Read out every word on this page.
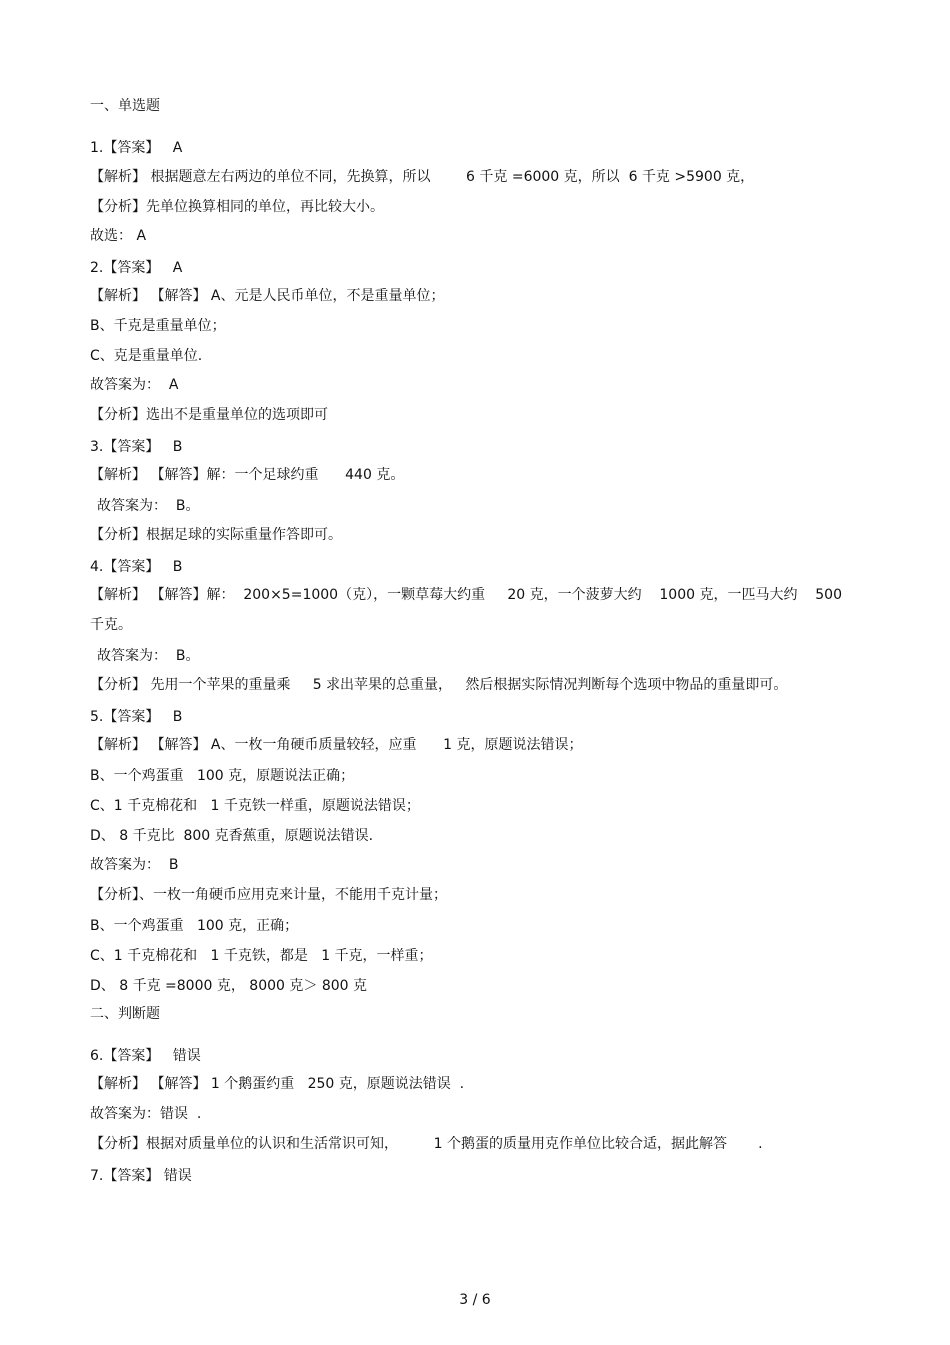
一、单选题
1.【答案】   A
【解析】 根据题意左右两边的单位不同，先换算，所以        6 千克 =6000 克，所以  6 千克 >5900 克，
【分析】先单位换算相同的单位，再比较大小。
故选： A
2.【答案】   A
【解析】 【解答】 A、元是人民币单位，不是重量单位；
B、千克是重量单位；
C、克是重量单位.
故答案为：  A
【分析】选出不是重量单位的选项即可
3.【答案】   B
【解析】 【解答】解：一个足球约重      440 克。
故答案为：  B。
【分析】根据足球的实际重量作答即可。
4.【答案】   B
【解析】 【解答】解：  200×5=1000（克），一颗草莓大约重     20 克，一个菠萝大约    1000 克，一匹马大约    500
千克。
故答案为：  B。
【分析】 先用一个苹果的重量乘     5 求出苹果的总重量，   然后根据实际情况判断每个选项中物品的重量即可。
5.【答案】   B
【解析】 【解答】 A、一枚一角硬币质量较轻，应重      1 克，原题说法错误；
B、一个鸡蛋重   100 克，原题说法正确；
C、1 千克棉花和   1 千克铁一样重，原题说法错误；
D、 8 千克比  800 克香蕉重，原题说法错误.
故答案为：  B
【分析】、一枚一角硬币应用克来计量，不能用千克计量；
B、一个鸡蛋重   100 克，正确；
C、1 千克棉花和   1 千克铁，都是   1 千克，一样重；
D、 8 千克 =8000 克， 8000 克＞ 800 克
二、判断题
6.【答案】   错误
【解析】 【解答】 1 个鹅蛋约重   250 克，原题说法错误  .
故答案为：错误  .
【分析】根据对质量单位的认识和生活常识可知，        1 个鹅蛋的质量用克作单位比较合适，据此解答       .
7.【答案】 错误
3 / 6
